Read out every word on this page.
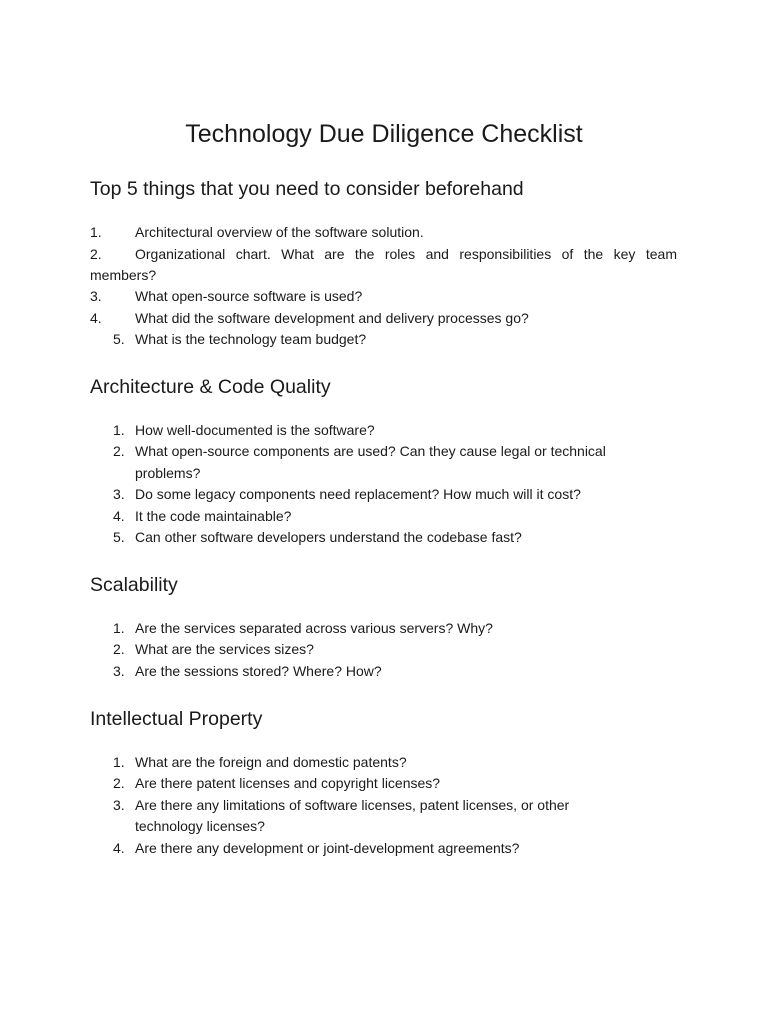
Technology Due Diligence Checklist
Top 5 things that you need to consider beforehand
1. Architectural overview of the software solution.
2. Organizational chart. What are the roles and responsibilities of the key team
members?
3. What open-source software is used?
4. What did the software development and delivery processes go?
5. What is the technology team budget?
Architecture & Code Quality
1. How well-documented is the software?
2. What open-source components are used? Can they cause legal or technical
problems?
3. Do some legacy components need replacement? How much will it cost?
4. It the code maintainable?
5. Can other software developers understand the codebase fast?
Scalability
1. Are the services separated across various servers? Why?
2. What are the services sizes?
3. Are the sessions stored? Where? How?
Intellectual Property
1. What are the foreign and domestic patents?
2. Are there patent licenses and copyright licenses?
3. Are there any limitations of software licenses, patent licenses, or other
technology licenses?
4. Are there any development or joint-development agreements?
